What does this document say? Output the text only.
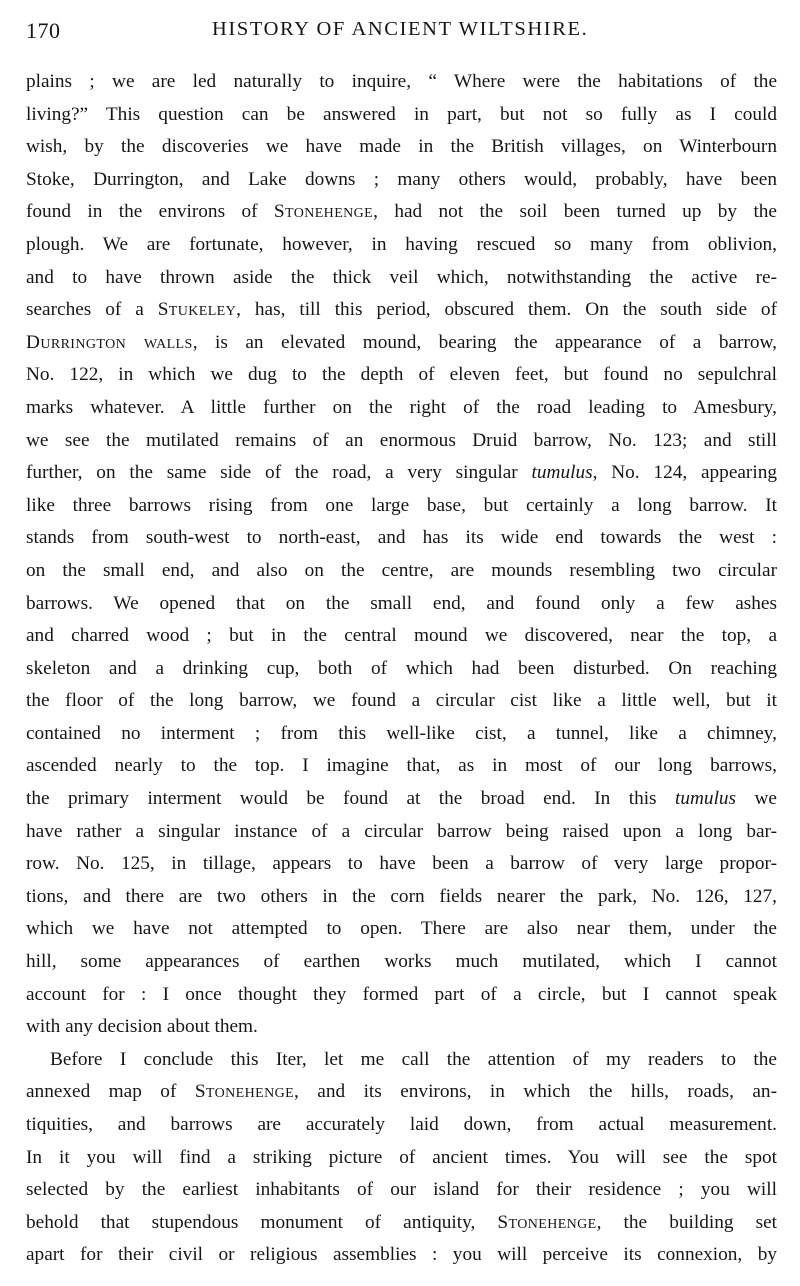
170	HISTORY OF ANCIENT WILTSHIRE.
plains ; we are led naturally to inquire, “ Where were the habitations of the
living?” This question can be answered in part, but not so fully as I could
wish, by the discoveries we have made in the British villages, on Winterbourn
Stoke, Durrington, and Lake downs ; many others would, probably, have been
found in the environs of Stonehenge, had not the soil been turned up by the
plough. We are fortunate, however, in having rescued so many from oblivion,
and to have thrown aside the thick veil which, notwithstanding the active re-
searches of a Stukeley, has, till this period, obscured them. On the south side of
Durrington walls, is an elevated mound, bearing the appearance of a barrow,
No. 122, in which we dug to the depth of eleven feet, but found no sepulchral
marks whatever. A little further on the right of the road leading to Amesbury,
we see the mutilated remains of an enormous Druid barrow, No. 123; and still
further, on the same side of the road, a very singular tumulus, No. 124, appearing
like three barrows rising from one large base, but certainly a long barrow. It
stands from south-west to north-east, and has its wide end towards the west :
on the small end, and also on the centre, are mounds resembling two circular
barrows. We opened that on the small end, and found only a few ashes
and charred wood ; but in the central mound we discovered, near the top, a
skeleton and a drinking cup, both of which had been disturbed. On reaching
the floor of the long barrow, we found a circular cist like a little well, but it
contained no interment ; from this well-like cist, a tunnel, like a chimney,
ascended nearly to the top. I imagine that, as in most of our long barrows,
the primary interment would be found at the broad end. In this tumulus we
have rather a singular instance of a circular barrow being raised upon a long bar-
row. No. 125, in tillage, appears to have been a barrow of very large propor-
tions, and there are two others in the corn fields nearer the park, No. 126, 127,
which we have not attempted to open. There are also near them, under the
hill, some appearances of earthen works much mutilated, which I cannot
account for : I once thought they formed part of a circle, but I cannot speak
with any decision about them.
Before I conclude this Iter, let me call the attention of my readers to the
annexed map of Stonehenge, and its environs, in which the hills, roads, an-
tiquities, and barrows are accurately laid down, from actual measurement.
In it you will find a striking picture of ancient times. You will see the spot
selected by the earliest inhabitants of our island for their residence ; you will
behold that stupendous monument of antiquity, Stonehenge, the building set
apart for their civil or religious assemblies : you will perceive its connexion, by
